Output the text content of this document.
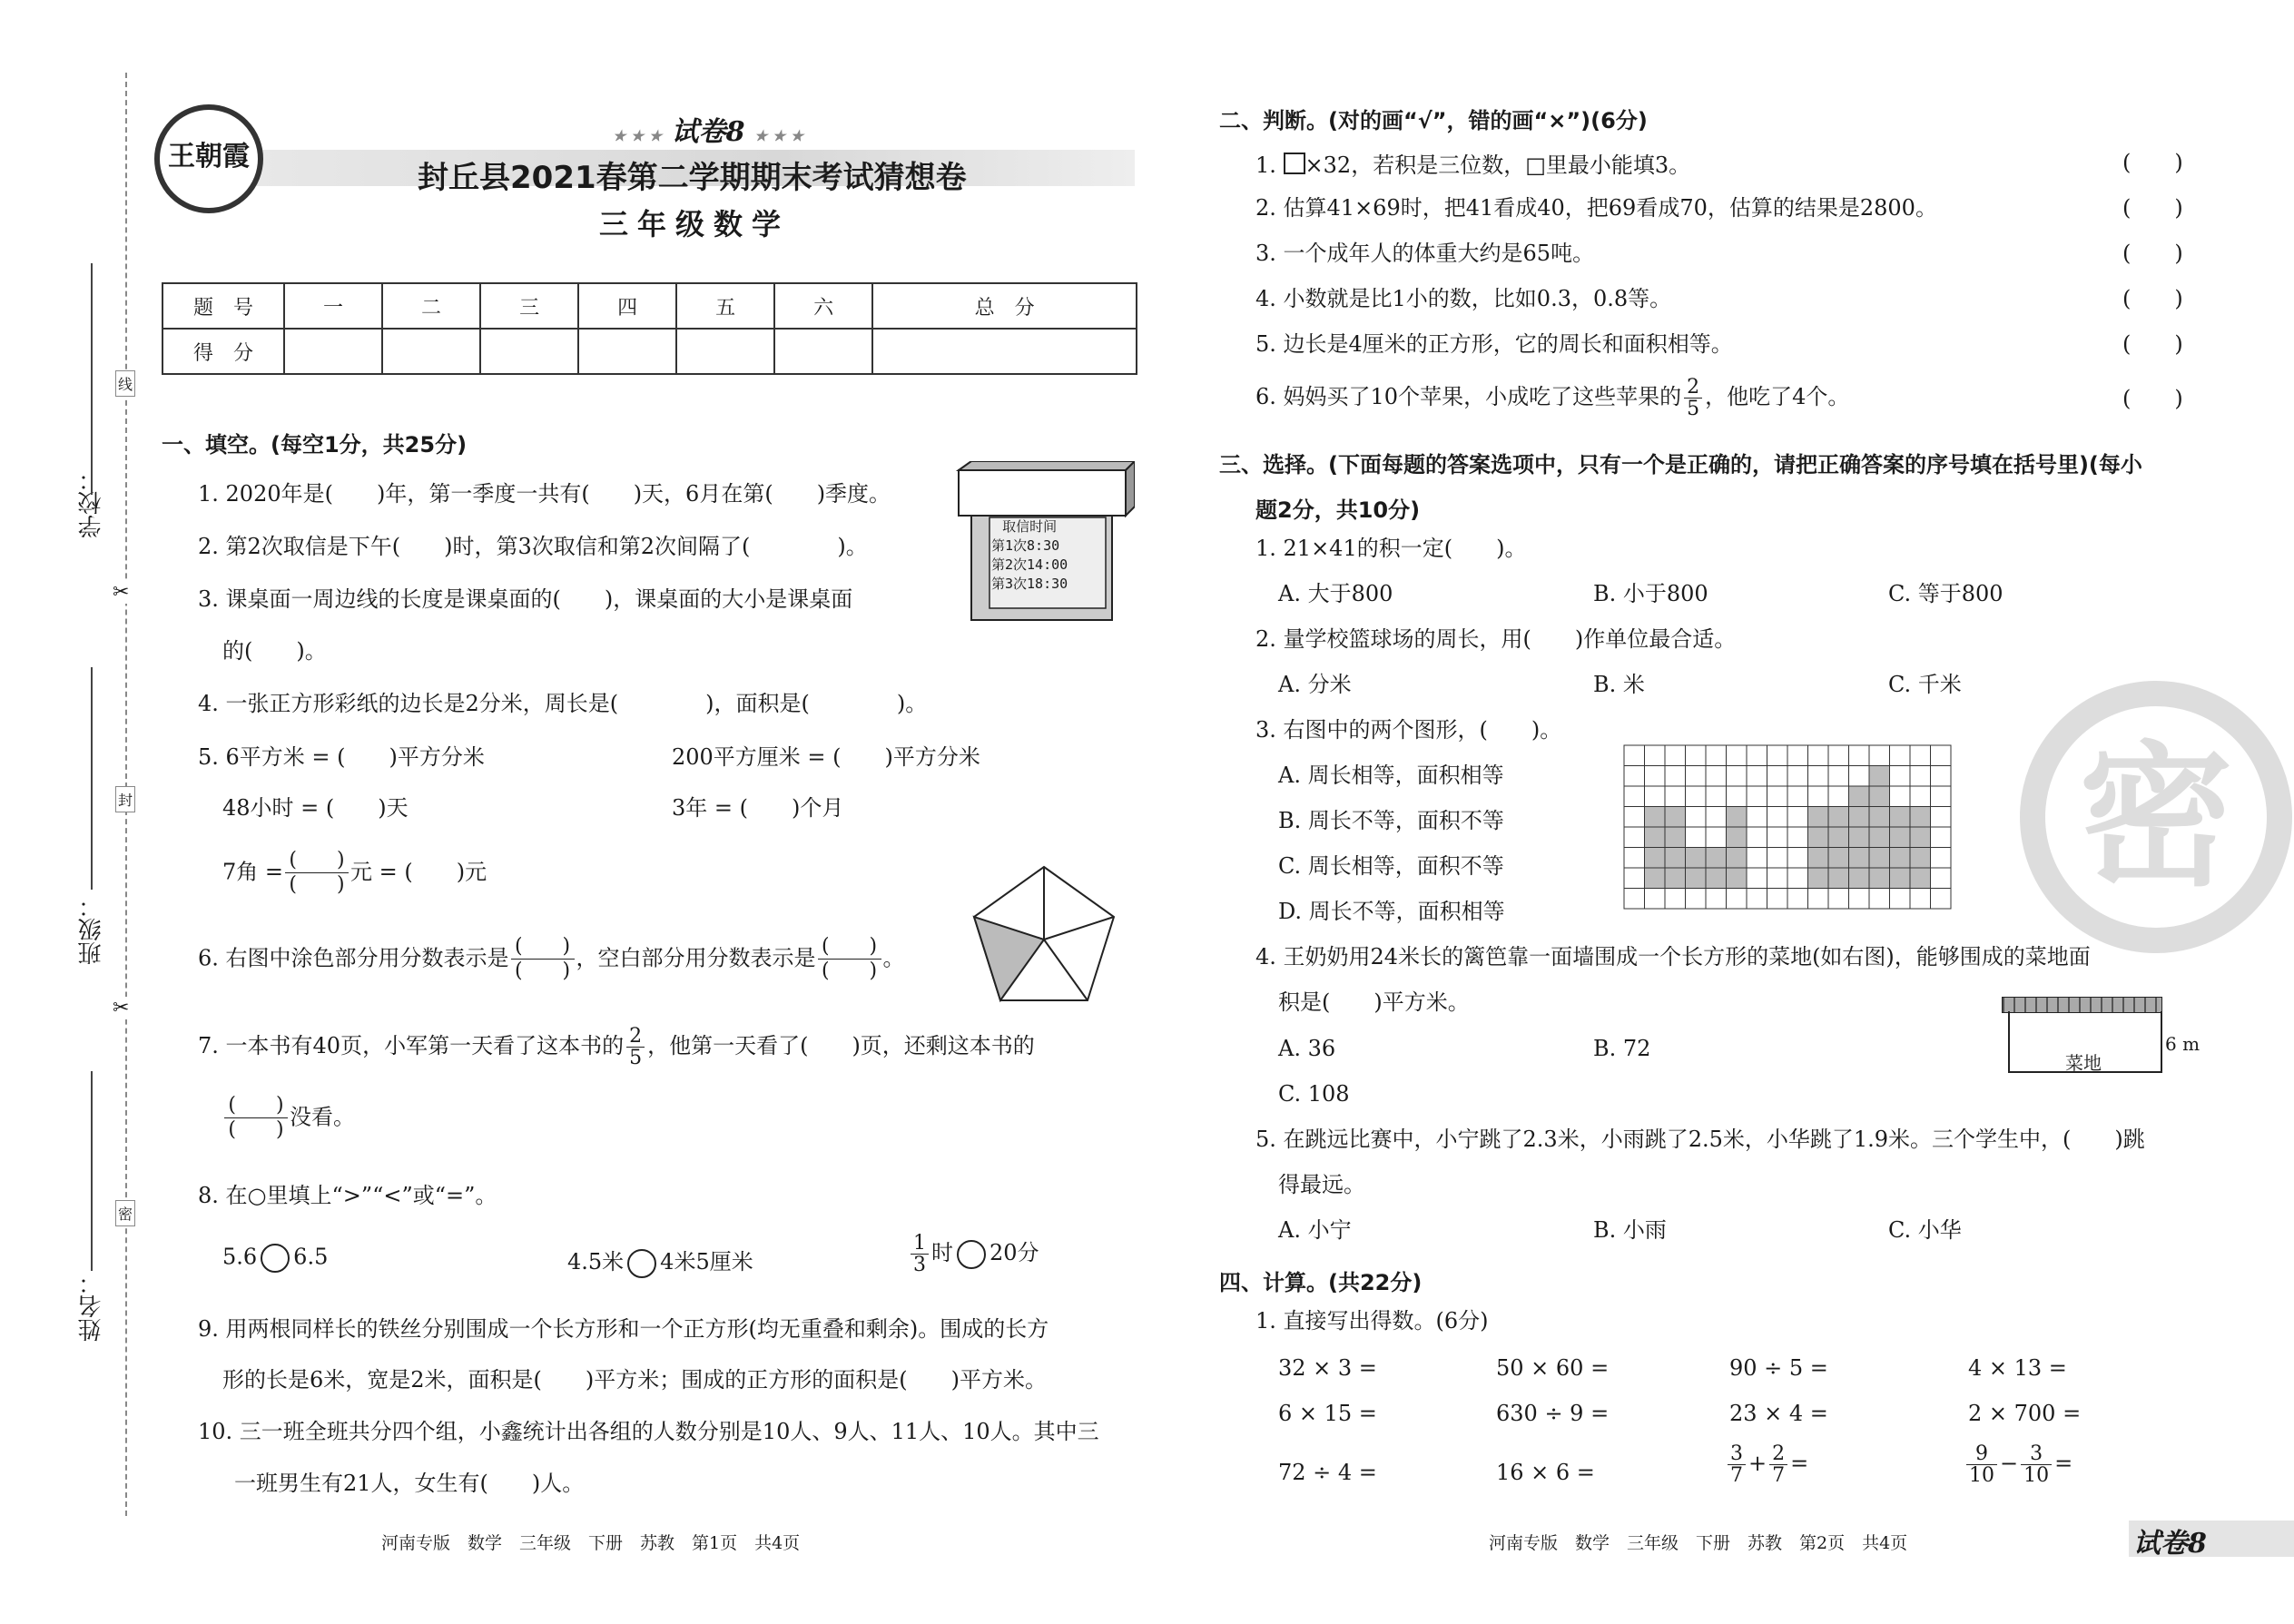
学校：
班级：
姓名：
线
封
密
✂
✂
王朝霞
★ ★ ★ 试卷8 ★ ★ ★
封丘县2021春第二学期期末考试猜想卷
三年级数学
题　号	一	二	三	四	五	六	总　分
得　分							
一、填空。(每空1分，共25分)
1. 2020年是(　　)年，第一季度一共有(　　)天，6月在第(　　)季度。
2. 第2次取信是下午(　　)时，第3次取信和第2次间隔了(　　　　)。
3. 课桌面一周边线的长度是课桌面的(　　)，课桌面的大小是课桌面
的(　　)。
取信时间
第1次8:30
第2次14:00
第3次18:30
4. 一张正方形彩纸的边长是2分米，周长是(　　　　)，面积是(　　　　)。
5. 6平方米 = (　　)平方分米	200平方厘米 = (　　)平方分米
48小时 = (　　)天	3年 = (　　)个月
7角 = (　　)
(　　)元 = (　　)元
6. 右图中涂色部分用分数表示是 (　　)
(　　)，空白部分用分数表示是 (　　)
(　　)。
7. 一本书有40页，小军第一天看了这本书的 $\frac{2}{5}$ ，他第一天看了(　　)页，还剩这本书的
(　　)
(　　)没看。
8. 在○里填上“>”“<”或“=”。
5.6 6.5	4.5米 4米5厘米	$\frac{1}{3}$ 时 20分
9. 用两根同样长的铁丝分别围成一个长方形和一个正方形(均无重叠和剩余)。围成的长方
形的长是6米，宽是2米，面积是(　　)平方米；围成的正方形的面积是(　　)平方米。
10. 三一班全班共分四个组，小鑫统计出各组的人数分别是10人、9人、11人、10人。其中三
一班男生有21人，女生有(　　)人。
河南专版　数学　三年级　下册　苏教　第1页　共4页
二、判断。(对的画“√”，错的画“×”)(6分)
1. ×32，若积是三位数，□里最小能填3。
2. 估算41×69时，把41看成40，把69看成70，估算的结果是2800。
3. 一个成年人的体重大约是65吨。
4. 小数就是比1小的数，比如0.3，0.8等。
5. 边长是4厘米的正方形，它的周长和面积相等。
6. 妈妈买了10个苹果，小成吃了这些苹果的 $\frac{2}{5}$ ，他吃了4个。
(　　)
(　　)
(　　)
(　　)
(　　)
(　　)
三、选择。(下面每题的答案选项中，只有一个是正确的，请把正确答案的序号填在括号里)(每小
题2分，共10分)
1. 21×41的积一定(　　)。
A. 大于800	B. 小于800	C. 等于800
2. 量学校篮球场的周长，用(　　)作单位最合适。
A. 分米	B. 米	C. 千米
3. 右图中的两个图形，(　　)。
A. 周长相等，面积相等
B. 周长不等，面积不等
C. 周长相等，面积不等
D. 周长不等，面积相等
4. 王奶奶用24米长的篱笆靠一面墙围成一个长方形的菜地(如右图)，能够围成的菜地面
积是(　　)平方米。
A. 36	B. 72
C. 108
菜地
6 m
5. 在跳远比赛中，小宁跳了2.3米，小雨跳了2.5米，小华跳了1.9米。三个学生中，(　　)跳
得最远。
A. 小宁	B. 小雨	C. 小华
四、计算。(共22分)
1. 直接写出得数。(6分)
32 × 3 =	50 × 60 =	90 ÷ 5 =	4 × 13 =
6 × 15 =	630 ÷ 9 =	23 × 4 =	2 × 700 =
72 ÷ 4 =	16 × 6 =	$\frac{3}{7} + \frac{2}{7}$ =	$\frac{9}{10} - \frac{3}{10}$ =
河南专版　数学　三年级　下册　苏教　第2页　共4页	试卷8
密
